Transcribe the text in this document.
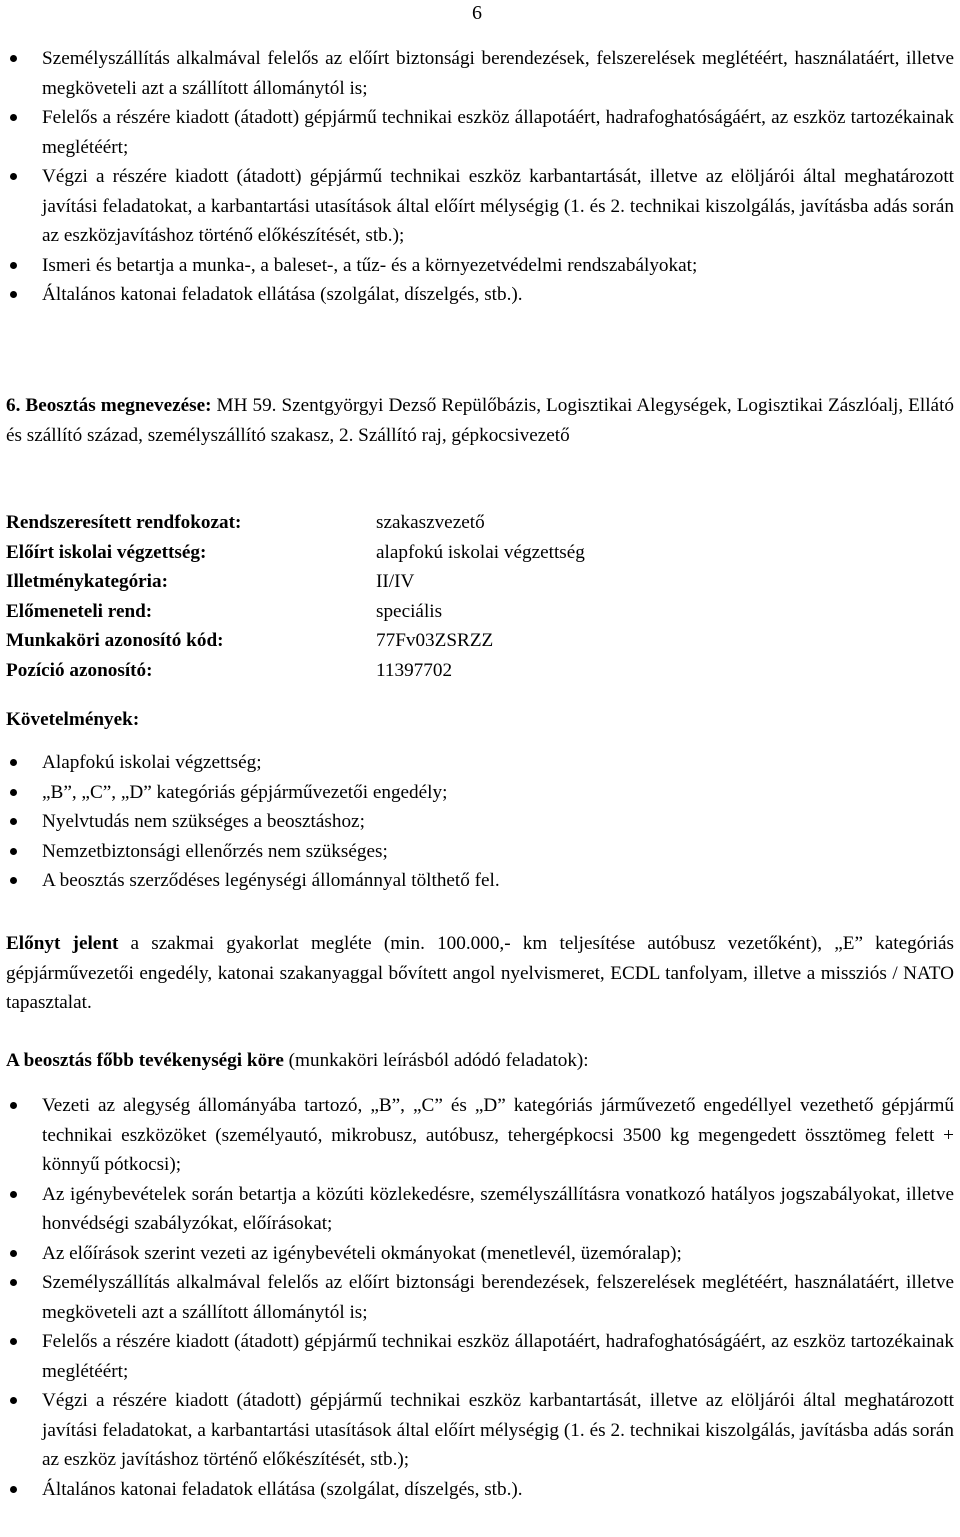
6
Személyszállítás alkalmával felelős az előírt biztonsági berendezések, felszerelések meglétéért, használatáért, illetve megköveteli azt a szállított állománytól is;
Felelős a részére kiadott (átadott) gépjármű technikai eszköz állapotáért, hadrafoghatóságáért, az eszköz tartozékainak meglétéért;
Végzi a részére kiadott (átadott) gépjármű technikai eszköz karbantartását, illetve az elöljárói által meghatározott javítási feladatokat, a karbantartási utasítások által előírt mélységig (1. és 2. technikai kiszolgálás, javításba adás során az eszközjavításhoz történő előkészítését, stb.);
Ismeri és betartja a munka-, a baleset-, a tűz- és a környezetvédelmi rendszabályokat;
Általános katonai feladatok ellátása (szolgálat, díszelgés, stb.).
6. Beosztás megnevezése: MH 59. Szentgyörgyi Dezső Repülőbázis, Logisztikai Alegységek, Logisztikai Zászlóalj, Ellátó és szállító század, személyszállító szakasz, 2. Szállító raj, gépkocsivezető
Rendszeresített rendfokozat:	szakaszvezető
Előírt iskolai végzettség:	alapfokú iskolai végzettség
Illetménykategória:	II/IV
Előmeneteli rend:	speciális
Munkaköri azonosító kód:	77Fv03ZSRZZ
Pozíció azonosító:	11397702
Követelmények:
Alapfokú iskolai végzettség;
„B”, „C”, „D” kategóriás gépjárművezetői engedély;
Nyelvtudás nem szükséges a beosztáshoz;
Nemzetbiztonsági ellenőrzés nem szükséges;
A beosztás szerződéses legénységi állománnyal tölthető fel.
Előnyt jelent a szakmai gyakorlat megléte (min. 100.000,- km teljesítése autóbusz vezetőként), „E” kategóriás gépjárművezetői engedély, katonai szakanyaggal bővített angol nyelvismeret, ECDL tanfolyam, illetve a missziós / NATO tapasztalat.
A beosztás főbb tevékenységi köre (munkaköri leírásból adódó feladatok):
Vezeti az alegység állományába tartozó, „B”, „C” és „D” kategóriás járművezető engedéllyel vezethető gépjármű technikai eszközöket (személyautó, mikrobusz, autóbusz, tehergépkocsi 3500 kg megengedett össztömeg felett + könnyű pótkocsi);
Az igénybevételek során betartja a közúti közlekedésre, személyszállításra vonatkozó hatályos jogszabályokat, illetve honvédségi szabályzókat, előírásokat;
Az előírások szerint vezeti az igénybevételi okmányokat (menetlevél, üzemóralap);
Személyszállítás alkalmával felelős az előírt biztonsági berendezések, felszerelések meglétéért, használatáért, illetve megköveteli azt a szállított állománytól is;
Felelős a részére kiadott (átadott) gépjármű technikai eszköz állapotáért, hadrafoghatóságáért, az eszköz tartozékainak meglétéért;
Végzi a részére kiadott (átadott) gépjármű technikai eszköz karbantartását, illetve az elöljárói által meghatározott javítási feladatokat, a karbantartási utasítások által előírt mélységig (1. és 2. technikai kiszolgálás, javításba adás során az eszköz javításhoz történő előkészítését, stb.);
Általános katonai feladatok ellátása (szolgálat, díszelgés, stb.).
